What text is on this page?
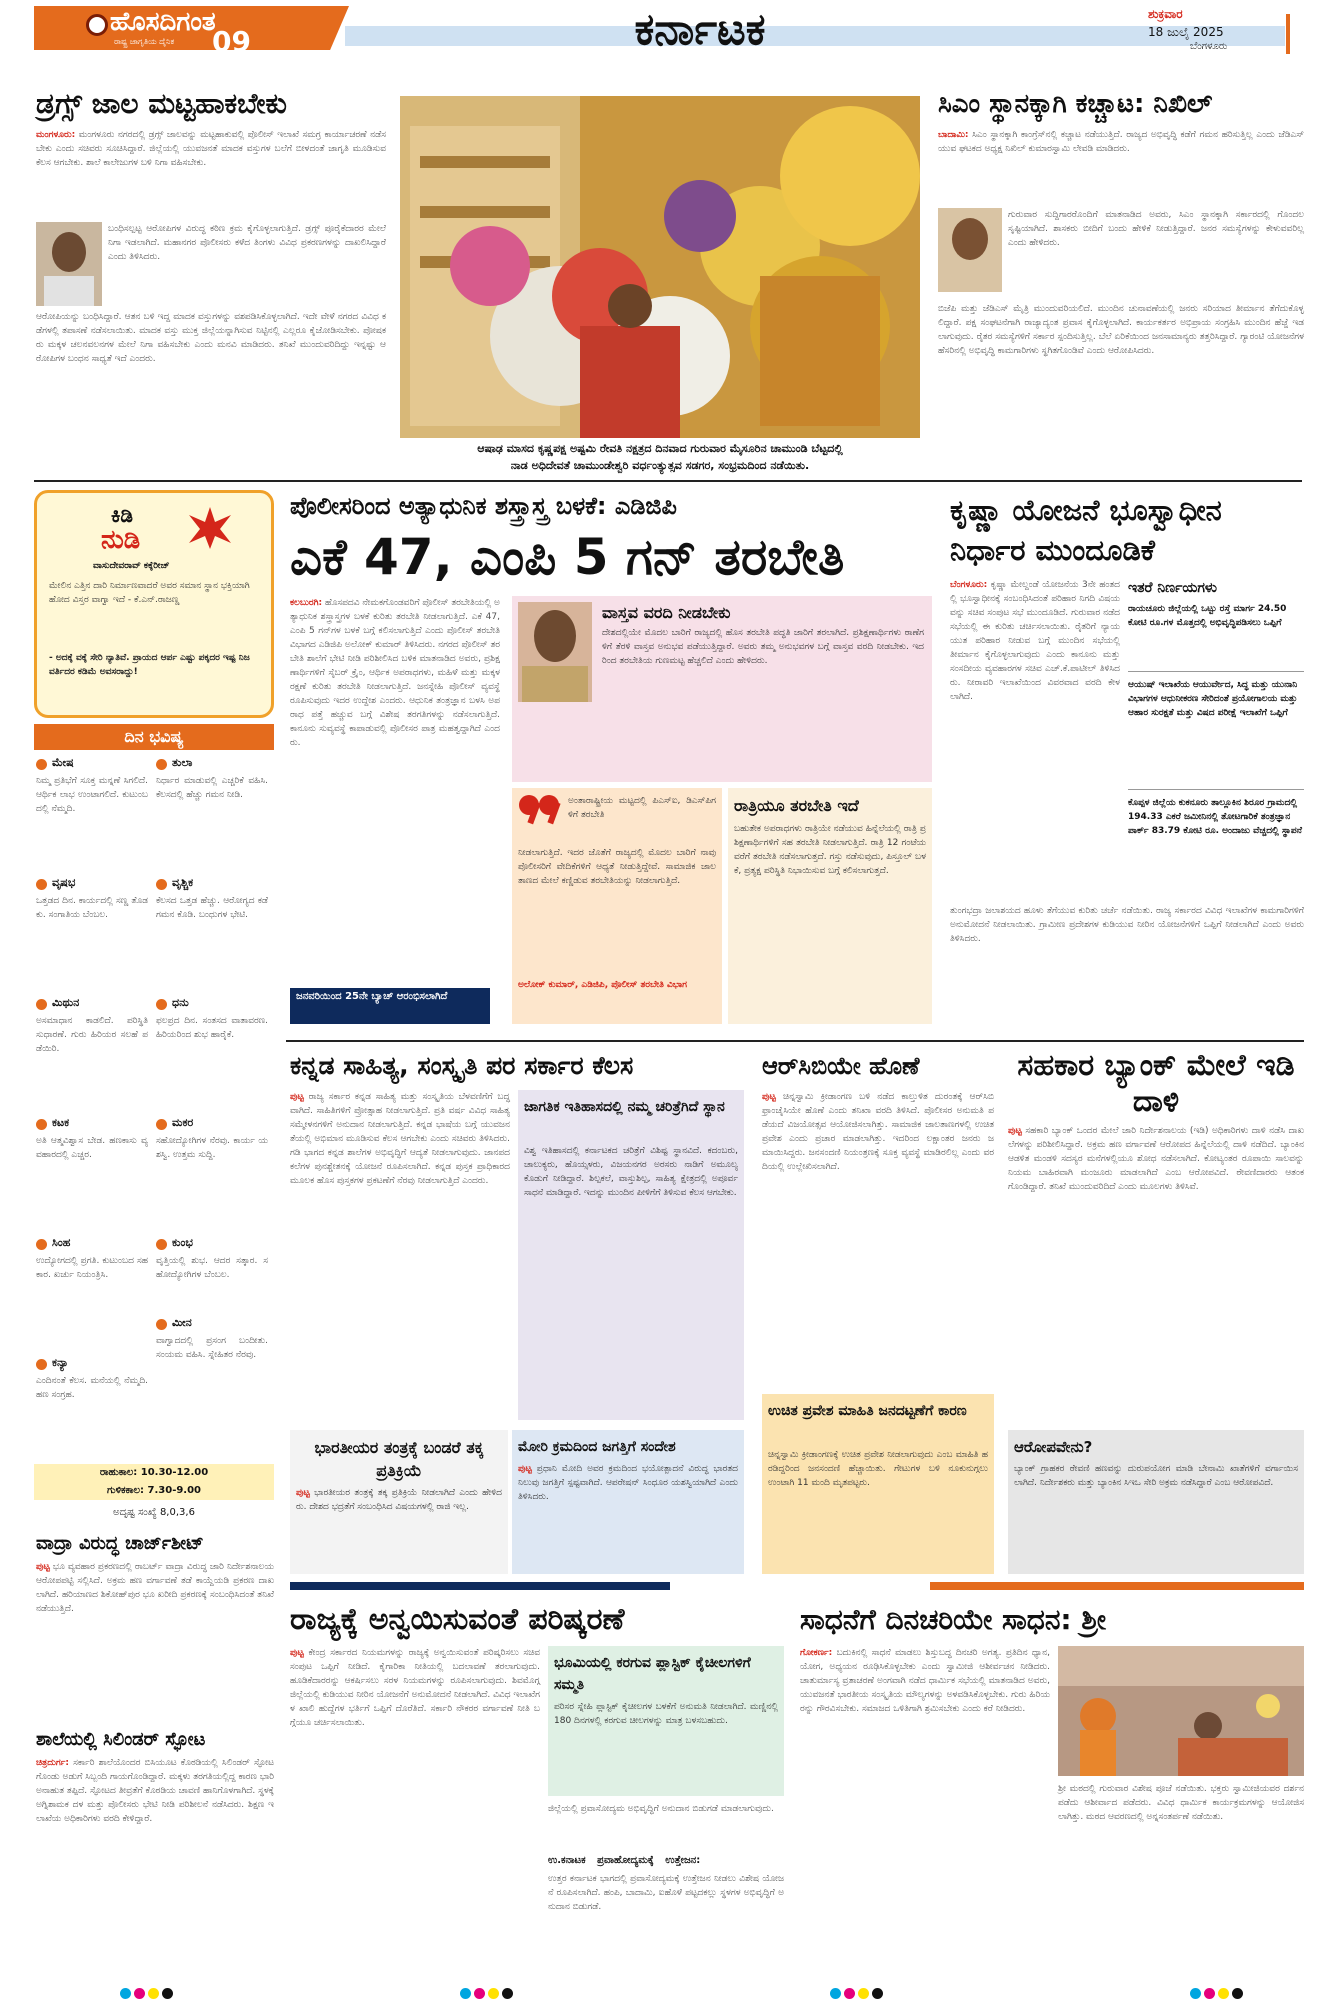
ಹೊಸದಿಗಂತ
ರಾಷ್ಟ್ರ ಜಾಗೃತಿಯ ದೈನಿಕ	09	ಕರ್ನಾಟಕ	ಶುಕ್ರವಾರ
18 ಜುಲೈ 2025
ಬೆಂಗಳೂರು
ಡ್ರಗ್ಸ್ ಜಾಲ ಮಟ್ಟಹಾಕಬೇಕು
ಮಂಗಳೂರು: ಮಂಗಳೂರು ನಗರದಲ್ಲಿ ಡ್ರಗ್ಸ್ ಜಾಲವನ್ನು ಮಟ್ಟಹಾಕುವಲ್ಲಿ ಪೊಲೀಸ್ ಇಲಾಖೆ ಸಮಗ್ರ ಕಾರ್ಯಾಚರಣೆ ನಡೆಸಬೇಕು ಎಂದು ಸಚಿವರು ಸೂಚಿಸಿದ್ದಾರೆ. ಜಿಲ್ಲೆಯಲ್ಲಿ ಯುವಜನತೆ ಮಾದಕ ವಸ್ತುಗಳ ಬಲೆಗೆ ಬೀಳದಂತೆ ಜಾಗೃತಿ ಮೂಡಿಸುವ ಕೆಲಸ ಆಗಬೇಕು. ಶಾಲೆ ಕಾಲೇಜುಗಳ ಬಳಿ ನಿಗಾ ವಹಿಸಬೇಕು.
ಬಂಧಿಸಲ್ಪಟ್ಟ ಆರೋಪಿಗಳ ವಿರುದ್ಧ ಕಠಿಣ ಕ್ರಮ ಕೈಗೊಳ್ಳಲಾಗುತ್ತಿದೆ. ಡ್ರಗ್ಸ್ ಪೂರೈಕೆದಾರರ ಮೇಲೆ ನಿಗಾ ಇಡಲಾಗಿದೆ. ಮಹಾನಗರ ಪೊಲೀಸರು ಕಳೆದ ತಿಂಗಳು ವಿವಿಧ ಪ್ರಕರಣಗಳನ್ನು ದಾಖಲಿಸಿದ್ದಾರೆ ಎಂದು ತಿಳಿಸಿದರು.
ಆರೋಪಿಯನ್ನು ಬಂಧಿಸಿದ್ದಾರೆ. ಆತನ ಬಳಿ ಇದ್ದ ಮಾದಕ ವಸ್ತುಗಳನ್ನು ವಶಪಡಿಸಿಕೊಳ್ಳಲಾಗಿದೆ. ಇದೇ ವೇಳೆ ನಗರದ ವಿವಿಧ ಕಡೆಗಳಲ್ಲಿ ತಪಾಸಣೆ ನಡೆಸಲಾಯಿತು. ಮಾದಕ ವಸ್ತು ಮುಕ್ತ ಜಿಲ್ಲೆಯನ್ನಾಗಿಸುವ ನಿಟ್ಟಿನಲ್ಲಿ ಎಲ್ಲರೂ ಕೈಜೋಡಿಸಬೇಕು. ಪೋಷಕರು ಮಕ್ಕಳ ಚಲನವಲನಗಳ ಮೇಲೆ ನಿಗಾ ವಹಿಸಬೇಕು ಎಂದು ಮನವಿ ಮಾಡಿದರು. ತನಿಖೆ ಮುಂದುವರಿದಿದ್ದು ಇನ್ನಷ್ಟು ಆರೋಪಿಗಳ ಬಂಧನ ಸಾಧ್ಯತೆ ಇದೆ ಎಂದರು.
ಆಷಾಢ ಮಾಸದ ಕೃಷ್ಣಪಕ್ಷ ಅಷ್ಟಮಿ ರೇವತಿ ನಕ್ಷತ್ರದ ದಿನವಾದ ಗುರುವಾರ ಮೈಸೂರಿನ ಚಾಮುಂಡಿ ಬೆಟ್ಟದಲ್ಲಿ
ನಾಡ ಅಧಿದೇವತೆ ಚಾಮುಂಡೇಶ್ವರಿ ವರ್ಧಂತ್ಯುತ್ಸವ ಸಡಗರ, ಸಂಭ್ರಮದಿಂದ ನಡೆಯಿತು.
ಸಿಎಂ ಸ್ಥಾನಕ್ಕಾಗಿ ಕಚ್ಚಾಟ: ನಿಖಿಲ್
ಬಾದಾಮಿ: ಸಿಎಂ ಸ್ಥಾನಕ್ಕಾಗಿ ಕಾಂಗ್ರೆಸ್‌ನಲ್ಲಿ ಕಚ್ಚಾಟ ನಡೆಯುತ್ತಿದೆ. ರಾಜ್ಯದ ಅಭಿವೃದ್ಧಿ ಕಡೆಗೆ ಗಮನ ಹರಿಸುತ್ತಿಲ್ಲ ಎಂದು ಜೆಡಿಎಸ್ ಯುವ ಘಟಕದ ಅಧ್ಯಕ್ಷ ನಿಖಿಲ್ ಕುಮಾರಸ್ವಾಮಿ ಲೇವಡಿ ಮಾಡಿದರು.
ಗುರುವಾರ ಸುದ್ದಿಗಾರರೊಂದಿಗೆ ಮಾತನಾಡಿದ ಅವರು, ಸಿಎಂ ಸ್ಥಾನಕ್ಕಾಗಿ ಸರ್ಕಾರದಲ್ಲಿ ಗೊಂದಲ ಸೃಷ್ಟಿಯಾಗಿದೆ. ಶಾಸಕರು ಬೀದಿಗೆ ಬಂದು ಹೇಳಿಕೆ ನೀಡುತ್ತಿದ್ದಾರೆ. ಜನರ ಸಮಸ್ಯೆಗಳನ್ನು ಕೇಳುವವರಿಲ್ಲ ಎಂದು ಹೇಳಿದರು.
ಬಿಜೆಪಿ ಮತ್ತು ಜೆಡಿಎಸ್ ಮೈತ್ರಿ ಮುಂದುವರಿಯಲಿದೆ. ಮುಂದಿನ ಚುನಾವಣೆಯಲ್ಲಿ ಜನರು ಸರಿಯಾದ ತೀರ್ಮಾನ ತೆಗೆದುಕೊಳ್ಳಲಿದ್ದಾರೆ. ಪಕ್ಷ ಸಂಘಟನೆಗಾಗಿ ರಾಜ್ಯಾದ್ಯಂತ ಪ್ರವಾಸ ಕೈಗೊಳ್ಳಲಾಗಿದೆ. ಕಾರ್ಯಕರ್ತರ ಅಭಿಪ್ರಾಯ ಸಂಗ್ರಹಿಸಿ ಮುಂದಿನ ಹೆಜ್ಜೆ ಇಡಲಾಗುವುದು. ರೈತರ ಸಮಸ್ಯೆಗಳಿಗೆ ಸರ್ಕಾರ ಸ್ಪಂದಿಸುತ್ತಿಲ್ಲ. ಬೆಲೆ ಏರಿಕೆಯಿಂದ ಜನಸಾಮಾನ್ಯರು ತತ್ತರಿಸಿದ್ದಾರೆ. ಗ್ಯಾರಂಟಿ ಯೋಜನೆಗಳ ಹೆಸರಿನಲ್ಲಿ ಅಭಿವೃದ್ಧಿ ಕಾಮಗಾರಿಗಳು ಸ್ಥಗಿತಗೊಂಡಿವೆ ಎಂದು ಆರೋಪಿಸಿದರು.
ಕಿಡಿ
ನುಡಿ
ವಾಸುದೇವರಾವ್ ಕಕ್ಕೆರೀಜ್
ಮೇಲಿನ ಎತ್ತಿನ ದಾರಿ ನಿರ್ಮಾಣವಾದರೆ ಅವರ ಸಮಾನ ಸ್ಥಾನ ಭಕ್ತಿಯಾಗಿ ಹೋದ ವಿಸ್ತರ ವಾಗ್ವಾ ಇದೆ - ಕೆ.ಎನ್.ರಾಜಣ್ಣ
- ಅದಕ್ಕೆ ವಕ್ಕೆ ಸೇರಿ ನ್ಯಾತಿವೆ. ಪ್ರಾಯದ ಆರ್ಪ ಎಷ್ಟು ಪಕ್ಕದರ ಇಷ್ಟ ನಿಜ ವರ್ತಿದರ ಕಡಿಮೆ ಅವಸರಾದ್ದು!
ದಿನ ಭವಿಷ್ಯ
ಮೇಷ
ನಿಮ್ಮ ಪ್ರತಿಭೆಗೆ ಸೂಕ್ತ ಮನ್ನಣೆ ಸಿಗಲಿದೆ. ಆರ್ಥಿಕ ಲಾಭ ಉಂಟಾಗಲಿದೆ. ಕುಟುಂಬದಲ್ಲಿ ನೆಮ್ಮದಿ.
ತುಲಾ
ನಿರ್ಧಾರ ಮಾಡುವಲ್ಲಿ ಎಚ್ಚರಿಕೆ ವಹಿಸಿ. ಕೆಲಸದಲ್ಲಿ ಹೆಚ್ಚು ಗಮನ ನೀಡಿ.
ವೃಷಭ
ಒತ್ತಡದ ದಿನ. ಕಾರ್ಯದಲ್ಲಿ ಸಣ್ಣ ತೊಡಕು. ಸಂಗಾತಿಯ ಬೆಂಬಲ.
ವೃಶ್ಚಿಕ
ಕೆಲಸದ ಒತ್ತಡ ಹೆಚ್ಚು. ಆರೋಗ್ಯದ ಕಡೆ ಗಮನ ಕೊಡಿ. ಬಂಧುಗಳ ಭೇಟಿ.
ಮಿಥುನ
ಅಸಮಾಧಾನ ಕಾಡಲಿದೆ. ಪರಿಸ್ಥಿತಿ ಸುಧಾರಣೆ. ಗುರು ಹಿರಿಯರ ಸಲಹೆ ಪಡೆಯಿರಿ.
ಧನು
ಫಲಪ್ರದ ದಿನ. ಸಂತಸದ ವಾತಾವರಣ. ಹಿರಿಯರಿಂದ ಶುಭ ಹಾರೈಕೆ.
ಕಟಕ
ಅತಿ ಆತ್ಮವಿಶ್ವಾಸ ಬೇಡ. ಹಣಕಾಸು ವ್ಯವಹಾರದಲ್ಲಿ ಎಚ್ಚರ.
ಮಕರ
ಸಹೋದ್ಯೋಗಿಗಳ ನೆರವು. ಕಾರ್ಯ ಯಶಸ್ವಿ. ಉತ್ತಮ ಸುದ್ದಿ.
ಸಿಂಹ
ಉದ್ಯೋಗದಲ್ಲಿ ಪ್ರಗತಿ. ಕುಟುಂಬದ ಸಹಕಾರ. ಖರ್ಚು ನಿಯಂತ್ರಿಸಿ.
ಕುಂಭ
ವೃತ್ತಿಯಲ್ಲಿ ಶುಭ. ಆದರ ಸತ್ಕಾರ. ಸಹೋದ್ಯೋಗಿಗಳ ಬೆಂಬಲ.
ಕನ್ಯಾ
ಎಂದಿನಂತೆ ಕೆಲಸ. ಮನೆಯಲ್ಲಿ ನೆಮ್ಮದಿ. ಹಣ ಸಂಗ್ರಹ.
ಮೀನ
ವಾಗ್ವಾದದಲ್ಲಿ ಪ್ರಸಂಗ ಬಂದೀತು. ಸಂಯಮ ವಹಿಸಿ. ಸ್ನೇಹಿತರ ನೆರವು.
ರಾಹುಕಾಲ: 10.30-12.00
ಗುಳಿಕಕಾಲ: 7.30-9.00
ಅದೃಷ್ಟ ಸಂಖ್ಯೆ 8,0,3,6
ಪೊಲೀಸರಿಂದ ಅತ್ಯಾಧುನಿಕ ಶಸ್ತ್ರಾಸ್ತ್ರ ಬಳಕೆ: ಎಡಿಜಿಪಿ
ಎಕೆ 47, ಎಂಪಿ 5 ಗನ್ ತರಬೇತಿ
ಕಲಬುರಗಿ: ಹೊಸಪದವಿ ನೇಮಕಗೊಂಡವರಿಗೆ ಪೊಲೀಸ್ ತರಬೇತಿಯಲ್ಲಿ ಅತ್ಯಾಧುನಿಕ ಶಸ್ತ್ರಾಸ್ತ್ರಗಳ ಬಳಕೆ ಕುರಿತು ತರಬೇತಿ ನೀಡಲಾಗುತ್ತಿದೆ. ಎಕೆ 47, ಎಂಪಿ 5 ಗನ್‌ಗಳ ಬಳಕೆ ಬಗ್ಗೆ ಕಲಿಸಲಾಗುತ್ತಿದೆ ಎಂದು ಪೊಲೀಸ್ ತರಬೇತಿ ವಿಭಾಗದ ಎಡಿಜಿಪಿ ಅಲೋಕ್ ಕುಮಾರ್ ತಿಳಿಸಿದರು. ನಗರದ ಪೊಲೀಸ್ ತರಬೇತಿ ಶಾಲೆಗೆ ಭೇಟಿ ನೀಡಿ ಪರಿಶೀಲಿಸಿದ ಬಳಿಕ ಮಾತನಾಡಿದ ಅವರು, ಪ್ರಶಿಕ್ಷಣಾರ್ಥಿಗಳಿಗೆ ಸೈಬರ್ ಕ್ರೈಂ, ಆರ್ಥಿಕ ಅಪರಾಧಗಳು, ಮಹಿಳೆ ಮತ್ತು ಮಕ್ಕಳ ರಕ್ಷಣೆ ಕುರಿತು ತರಬೇತಿ ನೀಡಲಾಗುತ್ತಿದೆ. ಜನಸ್ನೇಹಿ ಪೊಲೀಸ್ ವ್ಯವಸ್ಥೆ ರೂಪಿಸುವುದು ಇದರ ಉದ್ದೇಶ ಎಂದರು. ಆಧುನಿಕ ತಂತ್ರಜ್ಞಾನ ಬಳಸಿ ಅಪರಾಧ ಪತ್ತೆ ಹಚ್ಚುವ ಬಗ್ಗೆ ವಿಶೇಷ ತರಗತಿಗಳನ್ನು ನಡೆಸಲಾಗುತ್ತಿದೆ. ಕಾನೂನು ಸುವ್ಯವಸ್ಥೆ ಕಾಪಾಡುವಲ್ಲಿ ಪೊಲೀಸರ ಪಾತ್ರ ಮಹತ್ವದ್ದಾಗಿದೆ ಎಂದರು.
ಜನವರಿಯಿಂದ 25ನೇ ಬ್ಯಾಚ್ ಆರಂಭಿಸಲಾಗಿದೆ
ವಾಸ್ತವ ವರದಿ ನೀಡಬೇಕು
ದೇಶದಲ್ಲಿಯೇ ಮೊದಲ ಬಾರಿಗೆ ರಾಜ್ಯದಲ್ಲಿ ಹೊಸ ತರಬೇತಿ ಪದ್ಧತಿ ಜಾರಿಗೆ ತರಲಾಗಿದೆ. ಪ್ರಶಿಕ್ಷಣಾರ್ಥಿಗಳು ಠಾಣೆಗಳಿಗೆ ತೆರಳಿ ವಾಸ್ತವ ಅನುಭವ ಪಡೆಯುತ್ತಿದ್ದಾರೆ. ಅವರು ತಮ್ಮ ಅನುಭವಗಳ ಬಗ್ಗೆ ವಾಸ್ತವ ವರದಿ ನೀಡಬೇಕು. ಇದರಿಂದ ತರಬೇತಿಯ ಗುಣಮಟ್ಟ ಹೆಚ್ಚಲಿದೆ ಎಂದು ಹೇಳಿದರು.
ಅಂತಾರಾಷ್ಟ್ರೀಯ ಮಟ್ಟದಲ್ಲಿ ಪಿಎಸ್‌ಐ, ಡಿಎಸ್‌ಪಿಗಳಿಗೆ ತರಬೇತಿ
ನೀಡಲಾಗುತ್ತಿದೆ. ಇದರ ಜೊತೆಗೆ ರಾಜ್ಯದಲ್ಲಿ ಮೊದಲ ಬಾರಿಗೆ ನಾವು ಪೊಲೀಸರಿಗೆ ವೇದಿಕೆಗಳಿಗೆ ಆಧ್ಯತೆ ನೀಡುತ್ತಿದ್ದೇವೆ. ಸಾಮಾಜಿಕ ಜಾಲತಾಣದ ಮೇಲೆ ಕಣ್ಣಿಡುವ ತರಬೇತಿಯನ್ನು ನೀಡಲಾಗುತ್ತಿದೆ.
ಅಲೋಕ್ ಕುಮಾರ್, ಎಡಿಜಿಪಿ, ಪೊಲೀಸ್ ತರಬೇತಿ ವಿಭಾಗ
ರಾತ್ರಿಯೂ ತರಬೇತಿ ಇದೆ
ಬಹುತೇಕ ಅಪರಾಧಗಳು ರಾತ್ರಿಯೇ ನಡೆಯುವ ಹಿನ್ನೆಲೆಯಲ್ಲಿ ರಾತ್ರಿ ಪ್ರಶಿಕ್ಷಣಾರ್ಥಿಗಳಿಗೆ ಸಹ ತರಬೇತಿ ನೀಡಲಾಗುತ್ತಿದೆ. ರಾತ್ರಿ 12 ಗಂಟೆಯವರೆಗೆ ತರಬೇತಿ ನಡೆಸಲಾಗುತ್ತದೆ. ಗಸ್ತು ನಡೆಸುವುದು, ಪಿಸ್ತೂಲ್ ಬಳಕೆ, ಪ್ರತ್ಯಕ್ಷ ಪರಿಸ್ಥಿತಿ ನಿಭಾಯಿಸುವ ಬಗ್ಗೆ ಕಲಿಸಲಾಗುತ್ತದೆ.
ಕೃಷ್ಣಾ ಯೋಜನೆ ಭೂಸ್ವಾಧೀನ ನಿರ್ಧಾರ ಮುಂದೂಡಿಕೆ
ಬೆಂಗಳೂರು: ಕೃಷ್ಣಾ ಮೇಲ್ದಂಡೆ ಯೋಜನೆಯ 3ನೇ ಹಂತದಲ್ಲಿ ಭೂಸ್ವಾಧೀನಕ್ಕೆ ಸಂಬಂಧಿಸಿದಂತೆ ಪರಿಹಾರ ನಿಗದಿ ವಿಷಯವನ್ನು ಸಚಿವ ಸಂಪುಟ ಸಭೆ ಮುಂದೂಡಿದೆ. ಗುರುವಾರ ನಡೆದ ಸಭೆಯಲ್ಲಿ ಈ ಕುರಿತು ಚರ್ಚಿಸಲಾಯಿತು. ರೈತರಿಗೆ ನ್ಯಾಯಯುತ ಪರಿಹಾರ ನೀಡುವ ಬಗ್ಗೆ ಮುಂದಿನ ಸಭೆಯಲ್ಲಿ ತೀರ್ಮಾನ ಕೈಗೊಳ್ಳಲಾಗುವುದು ಎಂದು ಕಾನೂನು ಮತ್ತು ಸಂಸದೀಯ ವ್ಯವಹಾರಗಳ ಸಚಿವ ಎಚ್.ಕೆ.ಪಾಟೀಲ್ ತಿಳಿಸಿದರು. ನೀರಾವರಿ ಇಲಾಖೆಯಿಂದ ವಿವರವಾದ ವರದಿ ಕೇಳಲಾಗಿದೆ.
ಇತರೆ ನಿರ್ಣಯಗಳು
ರಾಯಚೂರು ಜಿಲ್ಲೆಯಲ್ಲಿ ಒಟ್ಟು ರಸ್ತೆ ಮಾರ್ಗ 24.50 ಕೋಟಿ ರೂ.ಗಳ ಮೊತ್ತದಲ್ಲಿ ಅಭಿವೃದ್ಧಿಪಡಿಸಲು ಒಪ್ಪಿಗೆ
ಆಯುಷ್ ಇಲಾಖೆಯ ಆಯುರ್ವೇದ, ಸಿದ್ಧ ಮತ್ತು ಯುನಾನಿ ವಿಭಾಗಗಳ ಆಧುನೀಕರಣ ಸೇರಿದಂತೆ ಪ್ರಯೋಗಾಲಯ ಮತ್ತು ಆಹಾರ ಸುರಕ್ಷತೆ ಮತ್ತು ವಿಷದ ಪರೀಕ್ಷೆ ಇಲಾಖೆಗೆ ಒಪ್ಪಿಗೆ
ಕೊಪ್ಪಳ ಜಿಲ್ಲೆಯ ಕುಕನೂರು ತಾಲ್ಲೂಕಿನ ಶಿರೂರ ಗ್ರಾಮದಲ್ಲಿ 194.33 ಎಕರೆ ಜಮೀನಿನಲ್ಲಿ ತೋಟಗಾರಿಕೆ ತಂತ್ರಜ್ಞಾನ ಪಾರ್ಕ್ 83.79 ಕೋಟಿ ರೂ. ಅಂದಾಜು ವೆಚ್ಚದಲ್ಲಿ ಸ್ಥಾಪನೆ
ತುಂಗಭದ್ರಾ ಜಲಾಶಯದ ಹೂಳು ತೆಗೆಯುವ ಕುರಿತು ಚರ್ಚೆ ನಡೆಯಿತು. ರಾಜ್ಯ ಸರ್ಕಾರದ ವಿವಿಧ ಇಲಾಖೆಗಳ ಕಾಮಗಾರಿಗಳಿಗೆ ಅನುಮೋದನೆ ನೀಡಲಾಯಿತು. ಗ್ರಾಮೀಣ ಪ್ರದೇಶಗಳ ಕುಡಿಯುವ ನೀರಿನ ಯೋಜನೆಗಳಿಗೆ ಒಪ್ಪಿಗೆ ನೀಡಲಾಗಿದೆ ಎಂದು ಅವರು ತಿಳಿಸಿದರು.
ಕನ್ನಡ ಸಾಹಿತ್ಯ, ಸಂಸ್ಕೃತಿ ಪರ ಸರ್ಕಾರ ಕೆಲಸ
ಪುಟ್ಟ ರಾಜ್ಯ ಸರ್ಕಾರ ಕನ್ನಡ ಸಾಹಿತ್ಯ ಮತ್ತು ಸಂಸ್ಕೃತಿಯ ಬೆಳವಣಿಗೆಗೆ ಬದ್ಧವಾಗಿದೆ. ಸಾಹಿತಿಗಳಿಗೆ ಪ್ರೋತ್ಸಾಹ ನೀಡಲಾಗುತ್ತಿದೆ. ಪ್ರತಿ ವರ್ಷ ವಿವಿಧ ಸಾಹಿತ್ಯ ಸಮ್ಮೇಳನಗಳಿಗೆ ಅನುದಾನ ನೀಡಲಾಗುತ್ತಿದೆ. ಕನ್ನಡ ಭಾಷೆಯ ಬಗ್ಗೆ ಯುವಜನತೆಯಲ್ಲಿ ಅಭಿಮಾನ ಮೂಡಿಸುವ ಕೆಲಸ ಆಗಬೇಕು ಎಂದು ಸಚಿವರು ತಿಳಿಸಿದರು. ಗಡಿ ಭಾಗದ ಕನ್ನಡ ಶಾಲೆಗಳ ಅಭಿವೃದ್ಧಿಗೆ ಆದ್ಯತೆ ನೀಡಲಾಗುವುದು. ಜಾನಪದ ಕಲೆಗಳ ಪುನಶ್ಚೇತನಕ್ಕೆ ಯೋಜನೆ ರೂಪಿಸಲಾಗಿದೆ. ಕನ್ನಡ ಪುಸ್ತಕ ಪ್ರಾಧಿಕಾರದ ಮೂಲಕ ಹೊಸ ಪುಸ್ತಕಗಳ ಪ್ರಕಟಣೆಗೆ ನೆರವು ನೀಡಲಾಗುತ್ತಿದೆ ಎಂದರು.
ಜಾಗತಿಕ ಇತಿಹಾಸದಲ್ಲಿ ನಮ್ಮ ಚರಿತ್ರೆಗಿದೆ ಸ್ಥಾನ
ವಿಶ್ವ ಇತಿಹಾಸದಲ್ಲಿ ಕರ್ನಾಟಕದ ಚರಿತ್ರೆಗೆ ವಿಶಿಷ್ಟ ಸ್ಥಾನವಿದೆ. ಕದಂಬರು, ಚಾಲುಕ್ಯರು, ಹೊಯ್ಸಳರು, ವಿಜಯನಗರ ಅರಸರು ನಾಡಿಗೆ ಅಮೂಲ್ಯ ಕೊಡುಗೆ ನೀಡಿದ್ದಾರೆ. ಶಿಲ್ಪಕಲೆ, ವಾಸ್ತುಶಿಲ್ಪ, ಸಾಹಿತ್ಯ ಕ್ಷೇತ್ರದಲ್ಲಿ ಅಪೂರ್ವ ಸಾಧನೆ ಮಾಡಿದ್ದಾರೆ. ಇದನ್ನು ಮುಂದಿನ ಪೀಳಿಗೆಗೆ ತಿಳಿಸುವ ಕೆಲಸ ಆಗಬೇಕು.
ಆರ್‌ಸಿಬಿಯೇ ಹೊಣೆ
ಪುಟ್ಟ ಚಿನ್ನಸ್ವಾಮಿ ಕ್ರೀಡಾಂಗಣ ಬಳಿ ನಡೆದ ಕಾಲ್ತುಳಿತ ದುರಂತಕ್ಕೆ ಆರ್‌ಸಿಬಿ ಫ್ರಾಂಚೈಸಿಯೇ ಹೊಣೆ ಎಂದು ತನಿಖಾ ವರದಿ ತಿಳಿಸಿದೆ. ಪೊಲೀಸರ ಅನುಮತಿ ಪಡೆಯದೆ ವಿಜಯೋತ್ಸವ ಆಯೋಜಿಸಲಾಗಿತ್ತು. ಸಾಮಾಜಿಕ ಜಾಲತಾಣಗಳಲ್ಲಿ ಉಚಿತ ಪ್ರವೇಶ ಎಂದು ಪ್ರಚಾರ ಮಾಡಲಾಗಿತ್ತು. ಇದರಿಂದ ಲಕ್ಷಾಂತರ ಜನರು ಜಮಾಯಿಸಿದ್ದರು. ಜನಸಂದಣಿ ನಿಯಂತ್ರಣಕ್ಕೆ ಸೂಕ್ತ ವ್ಯವಸ್ಥೆ ಮಾಡಿರಲಿಲ್ಲ ಎಂದು ವರದಿಯಲ್ಲಿ ಉಲ್ಲೇಖಿಸಲಾಗಿದೆ.
ಉಚಿತ ಪ್ರವೇಶ ಮಾಹಿತಿ ಜನದಟ್ಟಣೆಗೆ ಕಾರಣ
ಚಿನ್ನಸ್ವಾಮಿ ಕ್ರೀಡಾಂಗಣಕ್ಕೆ ಉಚಿತ ಪ್ರವೇಶ ನೀಡಲಾಗುವುದು ಎಂಬ ಮಾಹಿತಿ ಹರಡಿದ್ದರಿಂದ ಜನಸಂದಣಿ ಹೆಚ್ಚಾಯಿತು. ಗೇಟುಗಳ ಬಳಿ ನೂಕುನುಗ್ಗಲು ಉಂಟಾಗಿ 11 ಮಂದಿ ಮೃತಪಟ್ಟರು.
ಸಹಕಾರ ಬ್ಯಾಂಕ್ ಮೇಲೆ ಇಡಿ ದಾಳಿ
ಪುಟ್ಟ ಸಹಕಾರಿ ಬ್ಯಾಂಕ್ ಒಂದರ ಮೇಲೆ ಜಾರಿ ನಿರ್ದೇಶನಾಲಯ (ಇಡಿ) ಅಧಿಕಾರಿಗಳು ದಾಳಿ ನಡೆಸಿ ದಾಖಲೆಗಳನ್ನು ಪರಿಶೀಲಿಸಿದ್ದಾರೆ. ಅಕ್ರಮ ಹಣ ವರ್ಗಾವಣೆ ಆರೋಪದ ಹಿನ್ನೆಲೆಯಲ್ಲಿ ದಾಳಿ ನಡೆದಿದೆ. ಬ್ಯಾಂಕಿನ ಆಡಳಿತ ಮಂಡಳಿ ಸದಸ್ಯರ ಮನೆಗಳಲ್ಲಿಯೂ ಶೋಧ ನಡೆಸಲಾಗಿದೆ. ಕೋಟ್ಯಂತರ ರೂಪಾಯಿ ಸಾಲವನ್ನು ನಿಯಮ ಬಾಹಿರವಾಗಿ ಮಂಜೂರು ಮಾಡಲಾಗಿದೆ ಎಂಬ ಆರೋಪವಿದೆ. ಠೇವಣಿದಾರರು ಆತಂಕಗೊಂಡಿದ್ದಾರೆ. ತನಿಖೆ ಮುಂದುವರಿದಿದೆ ಎಂದು ಮೂಲಗಳು ತಿಳಿಸಿವೆ.
ಆರೋಪವೇನು?
ಬ್ಯಾಂಕ್ ಗ್ರಾಹಕರ ಠೇವಣಿ ಹಣವನ್ನು ದುರುಪಯೋಗ ಮಾಡಿ ಬೇನಾಮಿ ಖಾತೆಗಳಿಗೆ ವರ್ಗಾಯಿಸಲಾಗಿದೆ. ನಿರ್ದೇಶಕರು ಮತ್ತು ಬ್ಯಾಂಕಿನ ಸಿಇಒ ಸೇರಿ ಅಕ್ರಮ ನಡೆಸಿದ್ದಾರೆ ಎಂಬ ಆರೋಪವಿದೆ.
ಭಾರತೀಯರ ತಂತ್ರಕ್ಕೆ ಬಂಡರೆ ತಕ್ಕ ಪ್ರತಿಕ್ರಿಯೆ
ಪುಟ್ಟ ಭಾರತೀಯರ ತಂತ್ರಕ್ಕೆ ತಕ್ಕ ಪ್ರತಿಕ್ರಿಯೆ ನೀಡಲಾಗಿದೆ ಎಂದು ಹೇಳಿದರು. ದೇಶದ ಭದ್ರತೆಗೆ ಸಂಬಂಧಿಸಿದ ವಿಷಯಗಳಲ್ಲಿ ರಾಜಿ ಇಲ್ಲ.
ಮೋರಿ ಕ್ರಮದಿಂದ ಜಗತ್ತಿಗೆ ಸಂದೇಶ
ಪುಟ್ಟ ಪ್ರಧಾನಿ ಮೋದಿ ಅವರ ಕ್ರಮದಿಂದ ಭಯೋತ್ಪಾದನೆ ವಿರುದ್ಧ ಭಾರತದ ನಿಲುವು ಜಗತ್ತಿಗೆ ಸ್ಪಷ್ಟವಾಗಿದೆ. ಆಪರೇಷನ್ ಸಿಂಧೂರ ಯಶಸ್ವಿಯಾಗಿದೆ ಎಂದು ತಿಳಿಸಿದರು.
ವಾದ್ರಾ ವಿರುದ್ಧ ಚಾರ್ಜ್‌ಶೀಟ್
ಪುಟ್ಟ ಭೂ ವ್ಯವಹಾರ ಪ್ರಕರಣದಲ್ಲಿ ರಾಬರ್ಟ್ ವಾದ್ರಾ ವಿರುದ್ಧ ಜಾರಿ ನಿರ್ದೇಶನಾಲಯ ಆರೋಪಪಟ್ಟಿ ಸಲ್ಲಿಸಿದೆ. ಅಕ್ರಮ ಹಣ ವರ್ಗಾವಣೆ ತಡೆ ಕಾಯ್ದೆಯಡಿ ಪ್ರಕರಣ ದಾಖಲಾಗಿದೆ. ಹರಿಯಾಣದ ಶಿಕೋಹ್‌ಪುರ ಭೂ ಖರೀದಿ ಪ್ರಕರಣಕ್ಕೆ ಸಂಬಂಧಿಸಿದಂತೆ ತನಿಖೆ ನಡೆಯುತ್ತಿದೆ.
ಶಾಲೆಯಲ್ಲಿ ಸಿಲಿಂಡರ್ ಸ್ಫೋಟ
ಚಿತ್ರದುರ್ಗ: ಸರ್ಕಾರಿ ಶಾಲೆಯೊಂದರ ಬಿಸಿಯೂಟ ಕೊಠಡಿಯಲ್ಲಿ ಸಿಲಿಂಡರ್ ಸ್ಫೋಟಗೊಂಡು ಅಡುಗೆ ಸಿಬ್ಬಂದಿ ಗಾಯಗೊಂಡಿದ್ದಾರೆ. ಮಕ್ಕಳು ತರಗತಿಯಲ್ಲಿದ್ದ ಕಾರಣ ಭಾರಿ ಅನಾಹುತ ತಪ್ಪಿದೆ. ಸ್ಫೋಟದ ತೀವ್ರತೆಗೆ ಕೊಠಡಿಯ ಚಾವಣಿ ಹಾನಿಗೊಳಗಾಗಿದೆ. ಸ್ಥಳಕ್ಕೆ ಅಗ್ನಿಶಾಮಕ ದಳ ಮತ್ತು ಪೊಲೀಸರು ಭೇಟಿ ನೀಡಿ ಪರಿಶೀಲನೆ ನಡೆಸಿದರು. ಶಿಕ್ಷಣ ಇಲಾಖೆಯ ಅಧಿಕಾರಿಗಳು ವರದಿ ಕೇಳಿದ್ದಾರೆ.
ರಾಜ್ಯಕ್ಕೆ ಅನ್ವಯಿಸುವಂತೆ ಪರಿಷ್ಕರಣೆ
ಪುಟ್ಟ ಕೇಂದ್ರ ಸರ್ಕಾರದ ನಿಯಮಗಳನ್ನು ರಾಜ್ಯಕ್ಕೆ ಅನ್ವಯಿಸುವಂತೆ ಪರಿಷ್ಕರಿಸಲು ಸಚಿವ ಸಂಪುಟ ಒಪ್ಪಿಗೆ ನೀಡಿದೆ. ಕೈಗಾರಿಕಾ ನೀತಿಯಲ್ಲಿ ಬದಲಾವಣೆ ತರಲಾಗುವುದು. ಹೂಡಿಕೆದಾರರನ್ನು ಆಕರ್ಷಿಸಲು ಸರಳ ನಿಯಮಗಳನ್ನು ರೂಪಿಸಲಾಗುವುದು. ಶಿವಮೊಗ್ಗ ಜಿಲ್ಲೆಯಲ್ಲಿ ಕುಡಿಯುವ ನೀರಿನ ಯೋಜನೆಗೆ ಅನುಮೋದನೆ ನೀಡಲಾಗಿದೆ. ವಿವಿಧ ಇಲಾಖೆಗಳ ಖಾಲಿ ಹುದ್ದೆಗಳ ಭರ್ತಿಗೆ ಒಪ್ಪಿಗೆ ದೊರೆತಿದೆ. ಸರ್ಕಾರಿ ನೌಕರರ ವರ್ಗಾವಣೆ ನೀತಿ ಬಗ್ಗೆಯೂ ಚರ್ಚಿಸಲಾಯಿತು.
ಭೂಮಿಯಲ್ಲಿ ಕರಗುವ ಪ್ಲಾಸ್ಟಿಕ್ ಕೈಚೀಲಗಳಿಗೆ ಸಮ್ಮತಿ
ಪರಿಸರ ಸ್ನೇಹಿ ಪ್ಲಾಸ್ಟಿಕ್ ಕೈಚೀಲಗಳ ಬಳಕೆಗೆ ಅನುಮತಿ ನೀಡಲಾಗಿದೆ. ಮಣ್ಣಿನಲ್ಲಿ 180 ದಿನಗಳಲ್ಲಿ ಕರಗುವ ಚೀಲಗಳನ್ನು ಮಾತ್ರ ಬಳಸಬಹುದು.
ಜಿಲ್ಲೆಯಲ್ಲಿ ಪ್ರವಾಸೋದ್ಯಮ ಅಭಿವೃದ್ಧಿಗೆ ಅನುದಾನ ಬಿಡುಗಡೆ ಮಾಡಲಾಗುವುದು.
ಉ.ಕನಾಟಕ ಪ್ರವಾಹೋದ್ಯಮಕ್ಕೆ ಉತ್ತೇಜನ:
ಉತ್ತರ ಕರ್ನಾಟಕ ಭಾಗದಲ್ಲಿ ಪ್ರವಾಸೋದ್ಯಮಕ್ಕೆ ಉತ್ತೇಜನ ನೀಡಲು ವಿಶೇಷ ಯೋಜನೆ ರೂಪಿಸಲಾಗಿದೆ. ಹಂಪಿ, ಬಾದಾಮಿ, ಐಹೊಳೆ ಪಟ್ಟದಕಲ್ಲು ಸ್ಥಳಗಳ ಅಭಿವೃದ್ಧಿಗೆ ಅನುದಾನ ಬಿಡುಗಡೆ.
ಸಾಧನೆಗೆ ದಿನಚರಿಯೇ ಸಾಧನ: ಶ್ರೀ
ಗೋಕರ್ಣ: ಬದುಕಿನಲ್ಲಿ ಸಾಧನೆ ಮಾಡಲು ಶಿಸ್ತುಬದ್ಧ ದಿನಚರಿ ಅಗತ್ಯ. ಪ್ರತಿದಿನ ಧ್ಯಾನ, ಯೋಗ, ಅಧ್ಯಯನ ರೂಢಿಸಿಕೊಳ್ಳಬೇಕು ಎಂದು ಸ್ವಾಮೀಜಿ ಆಶೀರ್ವಚನ ನೀಡಿದರು. ಚಾತುರ್ಮಾಸ್ಯ ವ್ರತಾಚರಣೆ ಅಂಗವಾಗಿ ನಡೆದ ಧಾರ್ಮಿಕ ಸಭೆಯಲ್ಲಿ ಮಾತನಾಡಿದ ಅವರು, ಯುವಜನತೆ ಭಾರತೀಯ ಸಂಸ್ಕೃತಿಯ ಮೌಲ್ಯಗಳನ್ನು ಅಳವಡಿಸಿಕೊಳ್ಳಬೇಕು. ಗುರು ಹಿರಿಯರನ್ನು ಗೌರವಿಸಬೇಕು. ಸಮಾಜದ ಒಳಿತಿಗಾಗಿ ಶ್ರಮಿಸಬೇಕು ಎಂದು ಕರೆ ನೀಡಿದರು.
ಶ್ರೀ ಮಠದಲ್ಲಿ ಗುರುವಾರ ವಿಶೇಷ ಪೂಜೆ ನಡೆಯಿತು. ಭಕ್ತರು ಸ್ವಾಮೀಜಿಯವರ ದರ್ಶನ ಪಡೆದು ಆಶೀರ್ವಾದ ಪಡೆದರು. ವಿವಿಧ ಧಾರ್ಮಿಕ ಕಾರ್ಯಕ್ರಮಗಳನ್ನು ಆಯೋಜಿಸಲಾಗಿತ್ತು. ಮಠದ ಆವರಣದಲ್ಲಿ ಅನ್ನಸಂತರ್ಪಣೆ ನಡೆಯಿತು.
